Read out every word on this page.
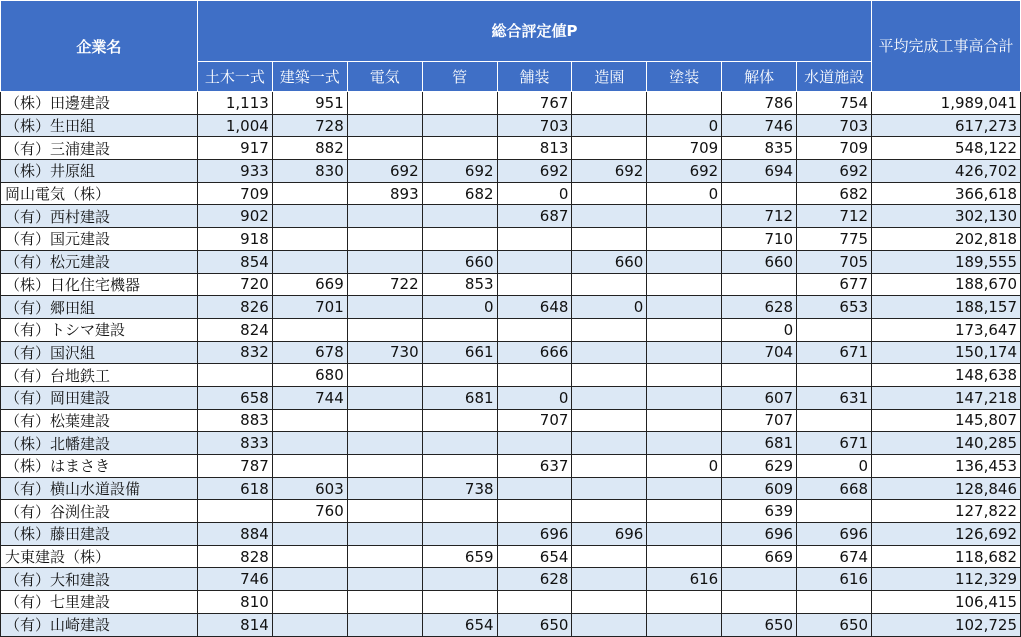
企業名	総合評定値P									平均完成工事高合計
	土木一式	建築一式	電気	管	舗装	造園	塗装	解体	水道施設	
（株）田邊建設	1,113	951			767			786	754	1,989,041
（株）生田組	1,004	728			703		0	746	703	617,273
（有）三浦建設	917	882			813		709	835	709	548,122
（株）井原組	933	830	692	692	692	692	692	694	692	426,702
岡山電気（株）	709		893	682	0		0		682	366,618
（有）西村建設	902				687			712	712	302,130
（有）国元建設	918							710	775	202,818
（有）松元建設	854			660		660		660	705	189,555
（株）日化住宅機器	720	669	722	853					677	188,670
（有）郷田組	826	701		0	648	0		628	653	188,157
（有）トシマ建設	824							0		173,647
（有）国沢組	832	678	730	661	666			704	671	150,174
（有）台地鉄工		680								148,638
（有）岡田建設	658	744		681	0			607	631	147,218
（有）松葉建設	883				707			707		145,807
（株）北幡建設	833							681	671	140,285
（株）はまさき	787				637		0	629	0	136,453
（有）横山水道設備	618	603		738				609	668	128,846
（有）谷渕住設		760						639		127,822
（株）藤田建設	884				696	696		696	696	126,692
大東建設（株）	828			659	654			669	674	118,682
（有）大和建設	746				628		616		616	112,329
（有）七里建設	810									106,415
（有）山崎建設	814			654	650			650	650	102,725
